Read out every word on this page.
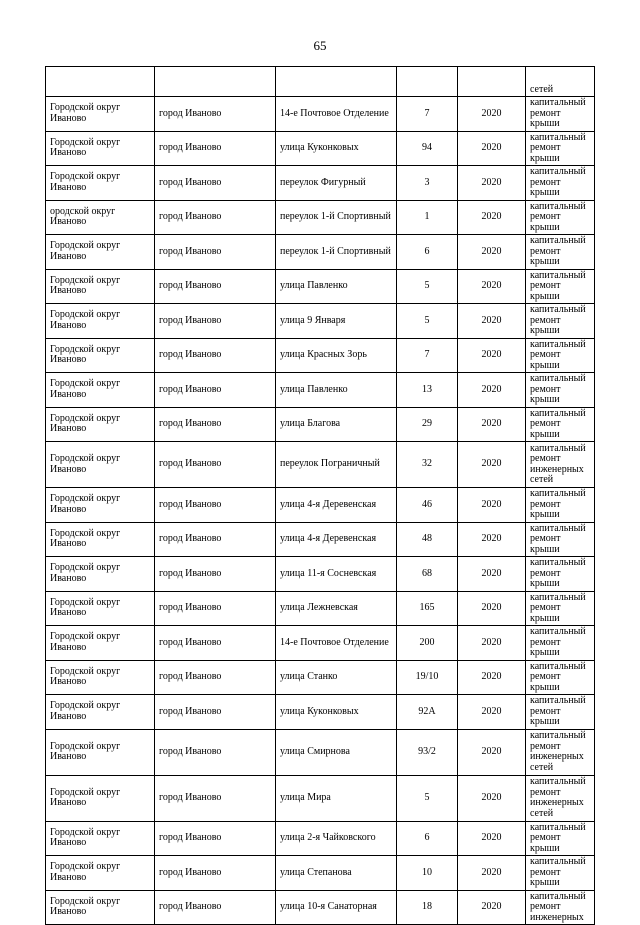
65
					сетей
Городской округ Иваново	город Иваново	14-е Почтовое Отделение	7	2020	капитальный ремонт крыши
Городской округ Иваново	город Иваново	улица Куконковых	94	2020	капитальный ремонт крыши
Городской округ Иваново	город Иваново	переулок Фигурный	3	2020	капитальный ремонт крыши
ородской округ Иваново	город Иваново	переулок 1-й Спортивный	1	2020	капитальный ремонт крыши
Городской округ Иваново	город Иваново	переулок 1-й Спортивный	6	2020	капитальный ремонт крыши
Городской округ Иваново	город Иваново	улица Павленко	5	2020	капитальный ремонт крыши
Городской округ Иваново	город Иваново	улица 9 Января	5	2020	капитальный ремонт крыши
Городской округ Иваново	город Иваново	улица Красных Зорь	7	2020	капитальный ремонт крыши
Городской округ Иваново	город Иваново	улица Павленко	13	2020	капитальный ремонт крыши
Городской округ Иваново	город Иваново	улица Благова	29	2020	капитальный ремонт крыши
Городской округ Иваново	город Иваново	переулок Пограничный	32	2020	капитальный ремонт инженерных сетей
Городской округ Иваново	город Иваново	улица 4-я Деревенская	46	2020	капитальный ремонт крыши
Городской округ Иваново	город Иваново	улица 4-я Деревенская	48	2020	капитальный ремонт крыши
Городской округ Иваново	город Иваново	улица 11-я Сосневская	68	2020	капитальный ремонт крыши
Городской округ Иваново	город Иваново	улица Лежневская	165	2020	капитальный ремонт крыши
Городской округ Иваново	город Иваново	14-е Почтовое Отделение	200	2020	капитальный ремонт крыши
Городской округ Иваново	город Иваново	улица Станко	19/10	2020	капитальный ремонт крыши
Городской округ Иваново	город Иваново	улица Куконковых	92А	2020	капитальный ремонт крыши
Городской округ Иваново	город Иваново	улица Смирнова	93/2	2020	капитальный ремонт инженерных сетей
Городской округ Иваново	город Иваново	улица Мира	5	2020	капитальный ремонт инженерных сетей
Городской округ Иваново	город Иваново	улица 2-я Чайковского	6	2020	капитальный ремонт крыши
Городской округ Иваново	город Иваново	улица Степанова	10	2020	капитальный ремонт крыши
Городской округ Иваново	город Иваново	улица 10-я Санаторная	18	2020	капитальный ремонт инженерных
